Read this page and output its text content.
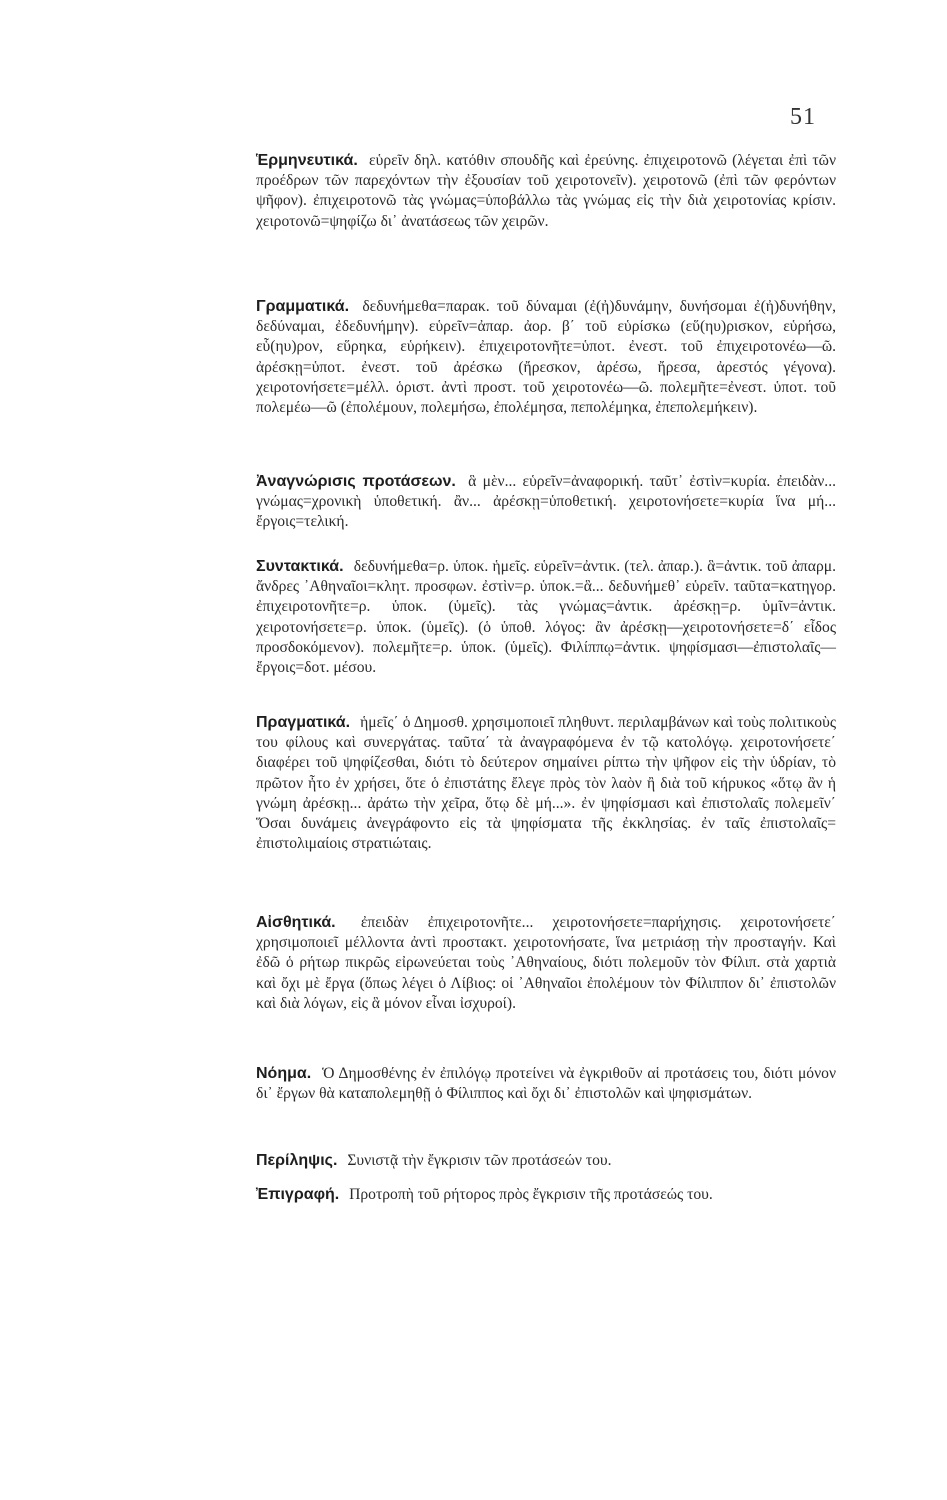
51
Ἑρμηνευτικά. εὑρεῖν δηλ. κατόθιν σπουδῆς καὶ ἐρεύνης. ἐπιχειροτονῶ (λέγεται ἐπὶ τῶν προέδρων τῶν παρεχόντων τὴν ἐξουσίαν τοῦ χειροτονεῖν). χειροτονῶ (ἐπὶ τῶν φερόντων ψῆφον). ἐπιχειροτονῶ τὰς γνώμας=ὑποβάλλω τὰς γνώμας εἰς τὴν διὰ χειροτονίας κρίσιν. χειροτονῶ=ψηφίζω δι᾿ ἀνατάσεως τῶν χειρῶν.
Γραμματικά. δεδυνήμεθα=παρακ. τοῦ δύναμαι (ἐ(ἠ)δυνάμην, δυνήσομαι ἐ(ἠ)δυνήθην, δεδύναμαι, ἐδεδυνήμην). εὑρεῖν=ἀπαρ. ἀορ. β΄ τοῦ εὑρίσκω (εὕ(ηυ)ρισκον, εὑρήσω, εὗ(ηυ)ρον, εὕρηκα, εὑρήκειν). ἐπιχειροτονῆτε=ὑποτ. ἐνεστ. τοῦ ἐπιχειροτονέω—ῶ. ἀρέσκῃ=ὑποτ. ἐνεστ. τοῦ ἀρέσκω (ἤρεσκον, ἀρέσω, ἤρεσα, ἀρεστός γέγονα). χειροτονήσετε=μέλλ. ὁριστ. ἀντὶ προστ. τοῦ χειροτονέω—ῶ. πολεμῆτε=ἐνεστ. ὑποτ. τοῦ πολεμέω—ῶ (ἐπολέμουν, πολεμήσω, ἐπολέμησα, πεπολέμηκα, ἐπεπολεμήκειν).
Ἀναγνώρισις προτάσεων. ἃ μὲν... εὑρεῖν=ἀναφορική. ταῦτ᾿ ἐστὶν=κυρία. ἐπειδὰν... γνώμας=χρονικὴ ὑποθετική. ἂν... ἀρέσκῃ=ὑποθετική. χειροτονήσετε=κυρία ἵνα μή... ἔργοις=τελική.
Συντακτικά. δεδυνήμεθα=ρ. ὑποκ. ἡμεῖς. εὑρεῖν=ἀντικ. (τελ. ἀπαρ.). ἃ=ἀντικ. τοῦ ἀπαρμ. ἄνδρες ᾿Αθηναῖοι=κλητ. προσφων. ἐστὶν=ρ. ὑποκ.=ἃ... δεδυνήμεθ᾿ εὑρεῖν. ταῦτα=κατηγορ. ἐπιχειροτονῆτε=ρ. ὑποκ. (ὑμεῖς). τὰς γνώμας=ἀντικ. ἀρέσκῃ=ρ. ὑμῖν=ἀντικ. χειροτονήσετε=ρ. ὑποκ. (ὑμεῖς). (ὁ ὑποθ. λόγος: ἂν ἀρέσκῃ—χειροτονήσετε=δ΄ εἶδος προσδοκόμενον). πολεμῆτε=ρ. ὑποκ. (ὑμεῖς). Φιλίππῳ=ἀντικ. ψηφίσμασι—ἐπιστολαῖς—ἔργοις=δοτ. μέσου.
Πραγματικά. ἡμεῖς΄ ὁ Δημοσθ. χρησιμοποιεῖ πληθυντ. περιλαμβάνων καὶ τοὺς πολιτικοὺς του φίλους καὶ συνεργάτας. ταῦτα΄ τὰ ἀναγραφόμενα ἐν τῷ κατολόγῳ. χειροτονήσετε΄ διαφέρει τοῦ ψηφίζεσθαι, διότι τὸ δεύτερον σημαίνει ρίπτω τὴν ψῆφον εἰς τὴν ὑδρίαν, τὸ πρῶτον ἦτο ἐν χρήσει, ὅτε ὁ ἐπιστάτης ἔλεγε πρὸς τὸν λαὸν ἢ διὰ τοῦ κήρυκος «ὅτῳ ἂν ἡ γνώμη ἀρέσκῃ... ἀράτω τὴν χεῖρα, ὅτῳ δὲ μή...». ἐν ψηφίσμασι καὶ ἐπιστολαῖς πολεμεῖν΄ Ὅσαι δυνάμεις ἀνεγράφοντο εἰς τὰ ψηφίσματα τῆς ἐκκλησίας. ἐν ταῖς ἐπιστολαῖς= ἐπιστολιμαίοις στρατιώταις.
Αἰσθητικά. ἐπειδὰν ἐπιχειροτονῆτε... χειροτονήσετε=παρήχησις. χειροτονήσετε΄ χρησιμοποιεῖ μέλλοντα ἀντὶ προστακτ. χειροτονήσατε, ἵνα μετριάσῃ τὴν προσταγήν. Καὶ ἐδῶ ὁ ρήτωρ πικρῶς εἰρωνεύεται τοὺς ᾿Αθηναίους, διότι πολεμοῦν τὸν Φίλιπ. στὰ χαρτιὰ καὶ ὄχι μὲ ἔργα (ὅπως λέγει ὁ Λίβιος: οἱ ᾿Αθηναῖοι ἐπολέμουν τὸν Φίλιππον δι᾿ ἐπιστολῶν καὶ διὰ λόγων, εἰς ἃ μόνον εἶναι ἰσχυροί).
Νόημα. Ὁ Δημοσθένης ἐν ἐπιλόγῳ προτείνει νὰ ἐγκριθοῦν αἱ προτάσεις του, διότι μόνον δι᾿ ἔργων θὰ καταπολεμηθῇ ὁ Φίλιππος καὶ ὄχι δι᾿ ἐπιστολῶν καὶ ψηφισμάτων.
Περίληψις. Συνιστᾷ τὴν ἔγκρισιν τῶν προτάσεών του.
Ἐπιγραφή. Προτροπὴ τοῦ ρήτορος πρὸς ἔγκρισιν τῆς προτάσεώς του.
